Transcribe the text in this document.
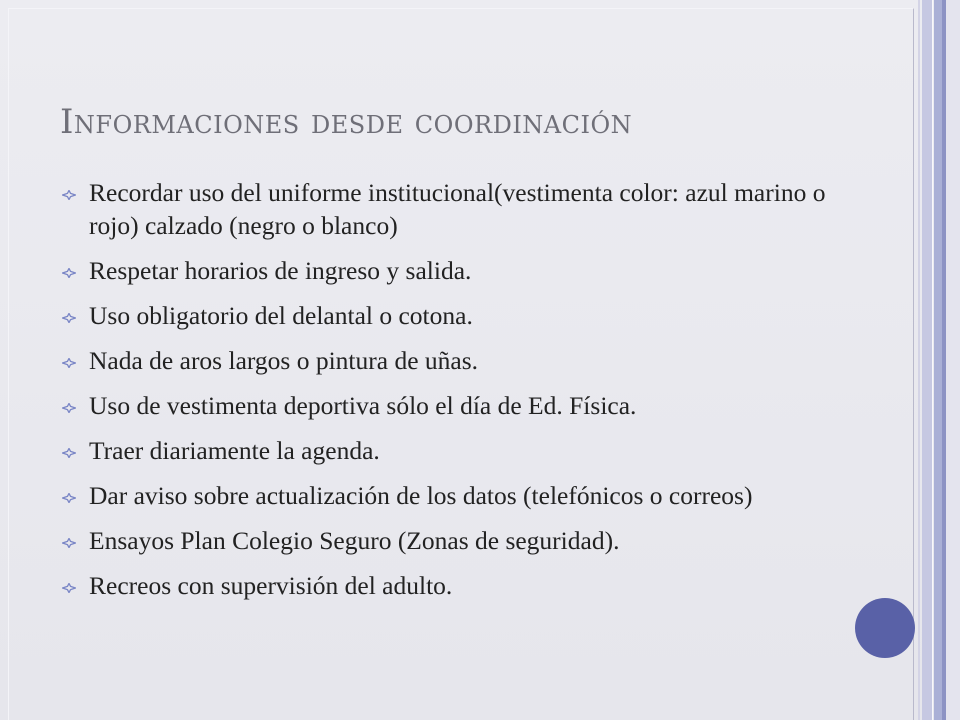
Informaciones desde coordinación
Recordar uso del uniforme institucional(vestimenta color: azul marino o rojo) calzado (negro o blanco)
Respetar horarios de ingreso y salida.
Uso obligatorio del delantal o cotona.
Nada de aros largos o pintura de uñas.
Uso de vestimenta deportiva sólo el día de Ed. Física.
Traer diariamente la agenda.
Dar aviso sobre actualización de los datos (telefónicos o correos)
Ensayos Plan Colegio Seguro (Zonas de seguridad).
Recreos con supervisión del adulto.
